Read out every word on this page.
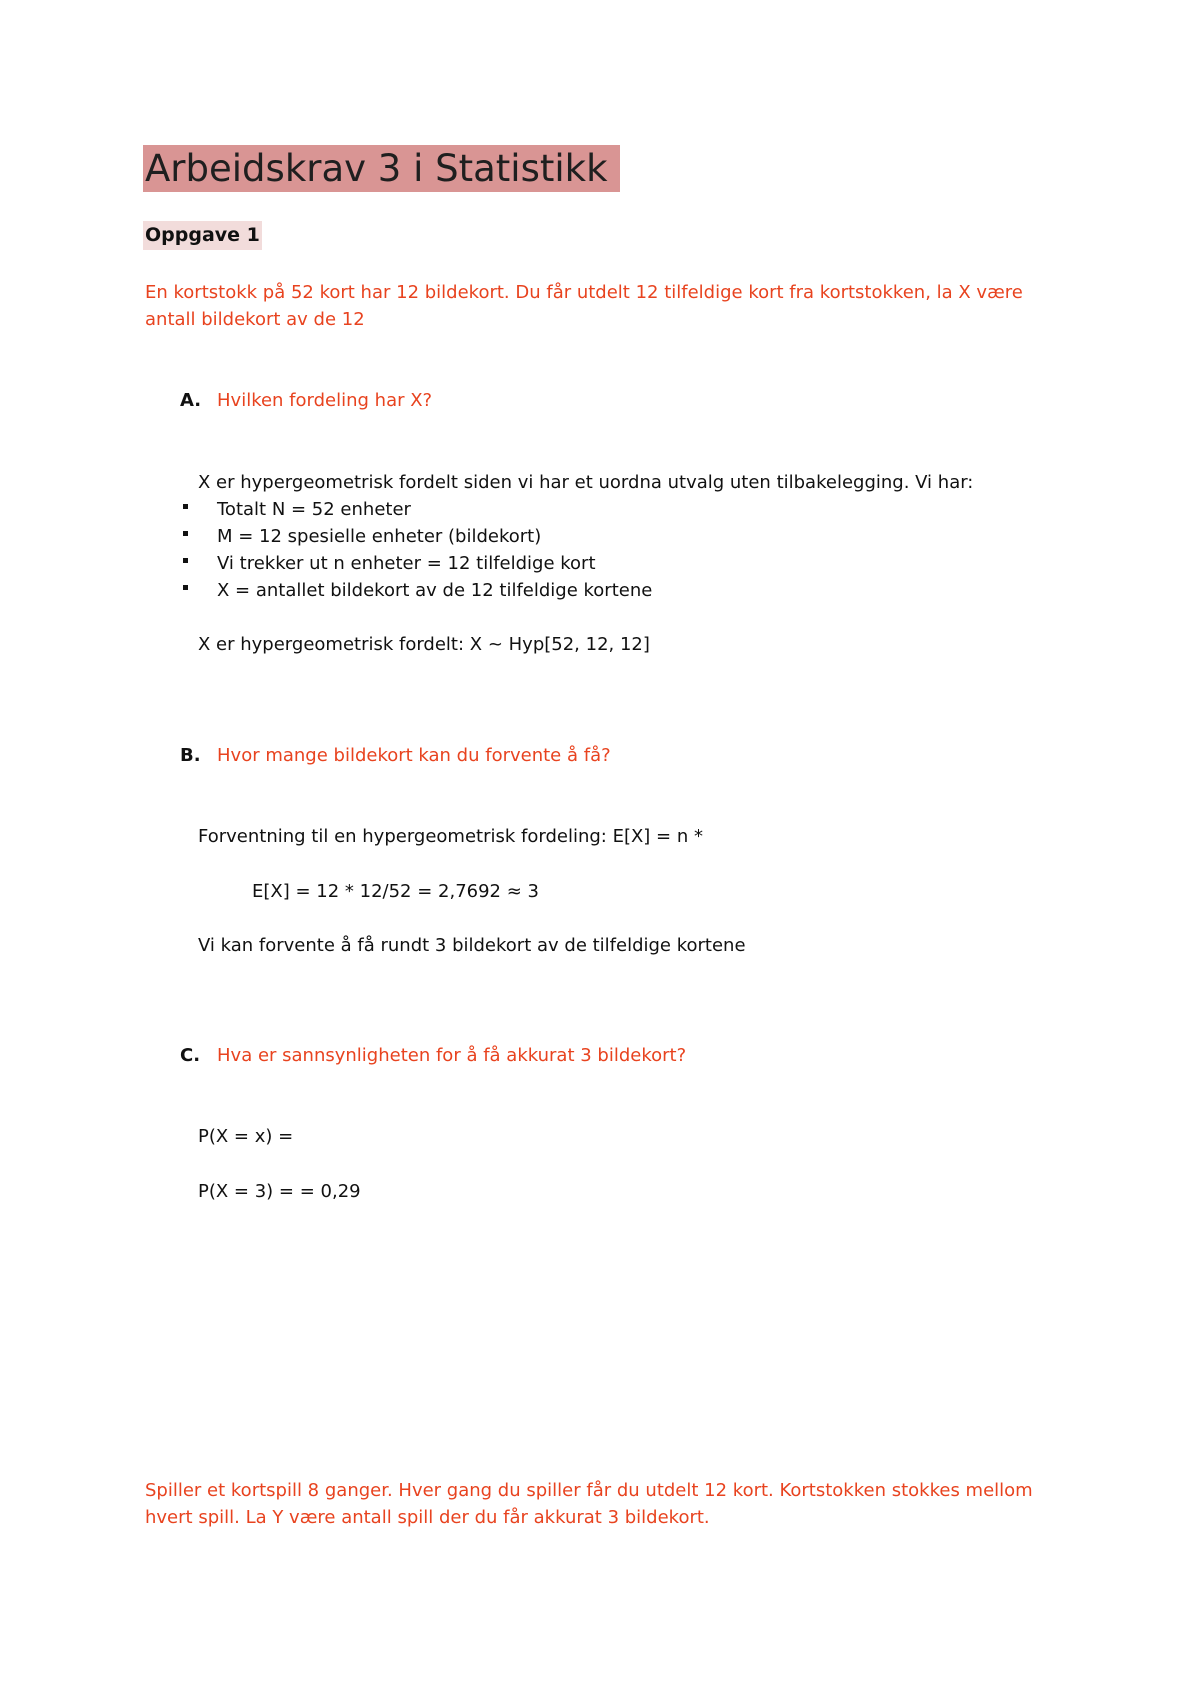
Arbeidskrav 3 i Statistikk
Oppgave 1
En kortstokk på 52 kort har 12 bildekort. Du får utdelt 12 tilfeldige kort fra kortstokken, la X være
antall bildekort av de 12
A. Hvilken fordeling har X?
X er hypergeometrisk fordelt siden vi har et uordna utvalg uten tilbakelegging. Vi har:
Totalt N = 52 enheter
M = 12 spesielle enheter (bildekort)
Vi trekker ut n enheter = 12 tilfeldige kort
X = antallet bildekort av de 12 tilfeldige kortene
X er hypergeometrisk fordelt: X ~ Hyp[52, 12, 12]
B. Hvor mange bildekort kan du forvente å få?
Forventning til en hypergeometrisk fordeling: E[X] = n *
E[X] = 12 * 12/52 = 2,7692 ≈ 3
Vi kan forvente å få rundt 3 bildekort av de tilfeldige kortene
C. Hva er sannsynligheten for å få akkurat 3 bildekort?
P(X = x) =
P(X = 3) = = 0,29
Spiller et kortspill 8 ganger. Hver gang du spiller får du utdelt 12 kort. Kortstokken stokkes mellom
hvert spill. La Y være antall spill der du får akkurat 3 bildekort.
